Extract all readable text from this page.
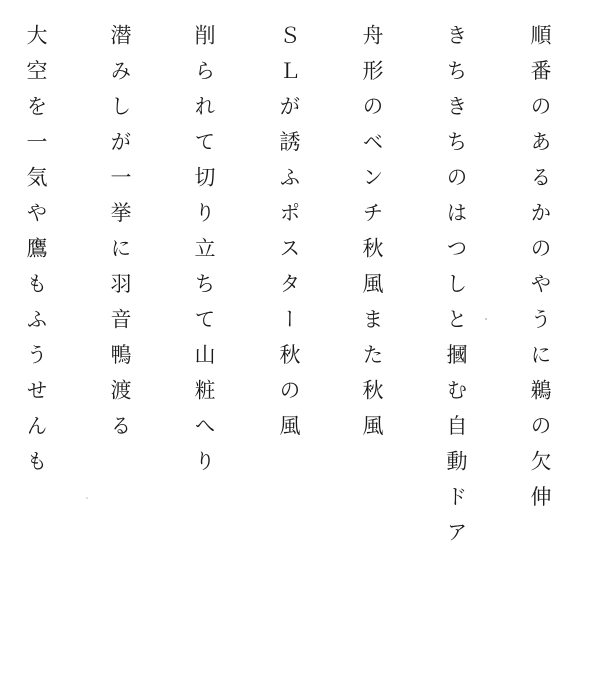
順番のあるかのやうに鵜の欠伸
きちきちのはつしと摑む自動ドア
舟形のベンチ秋風また秋風
ＳＬが誘ふポスター秋の風
削られて切り立ちて山粧へり
潜みしが一挙に羽音鴨渡る
大空を一気や鷹もふうせんも
